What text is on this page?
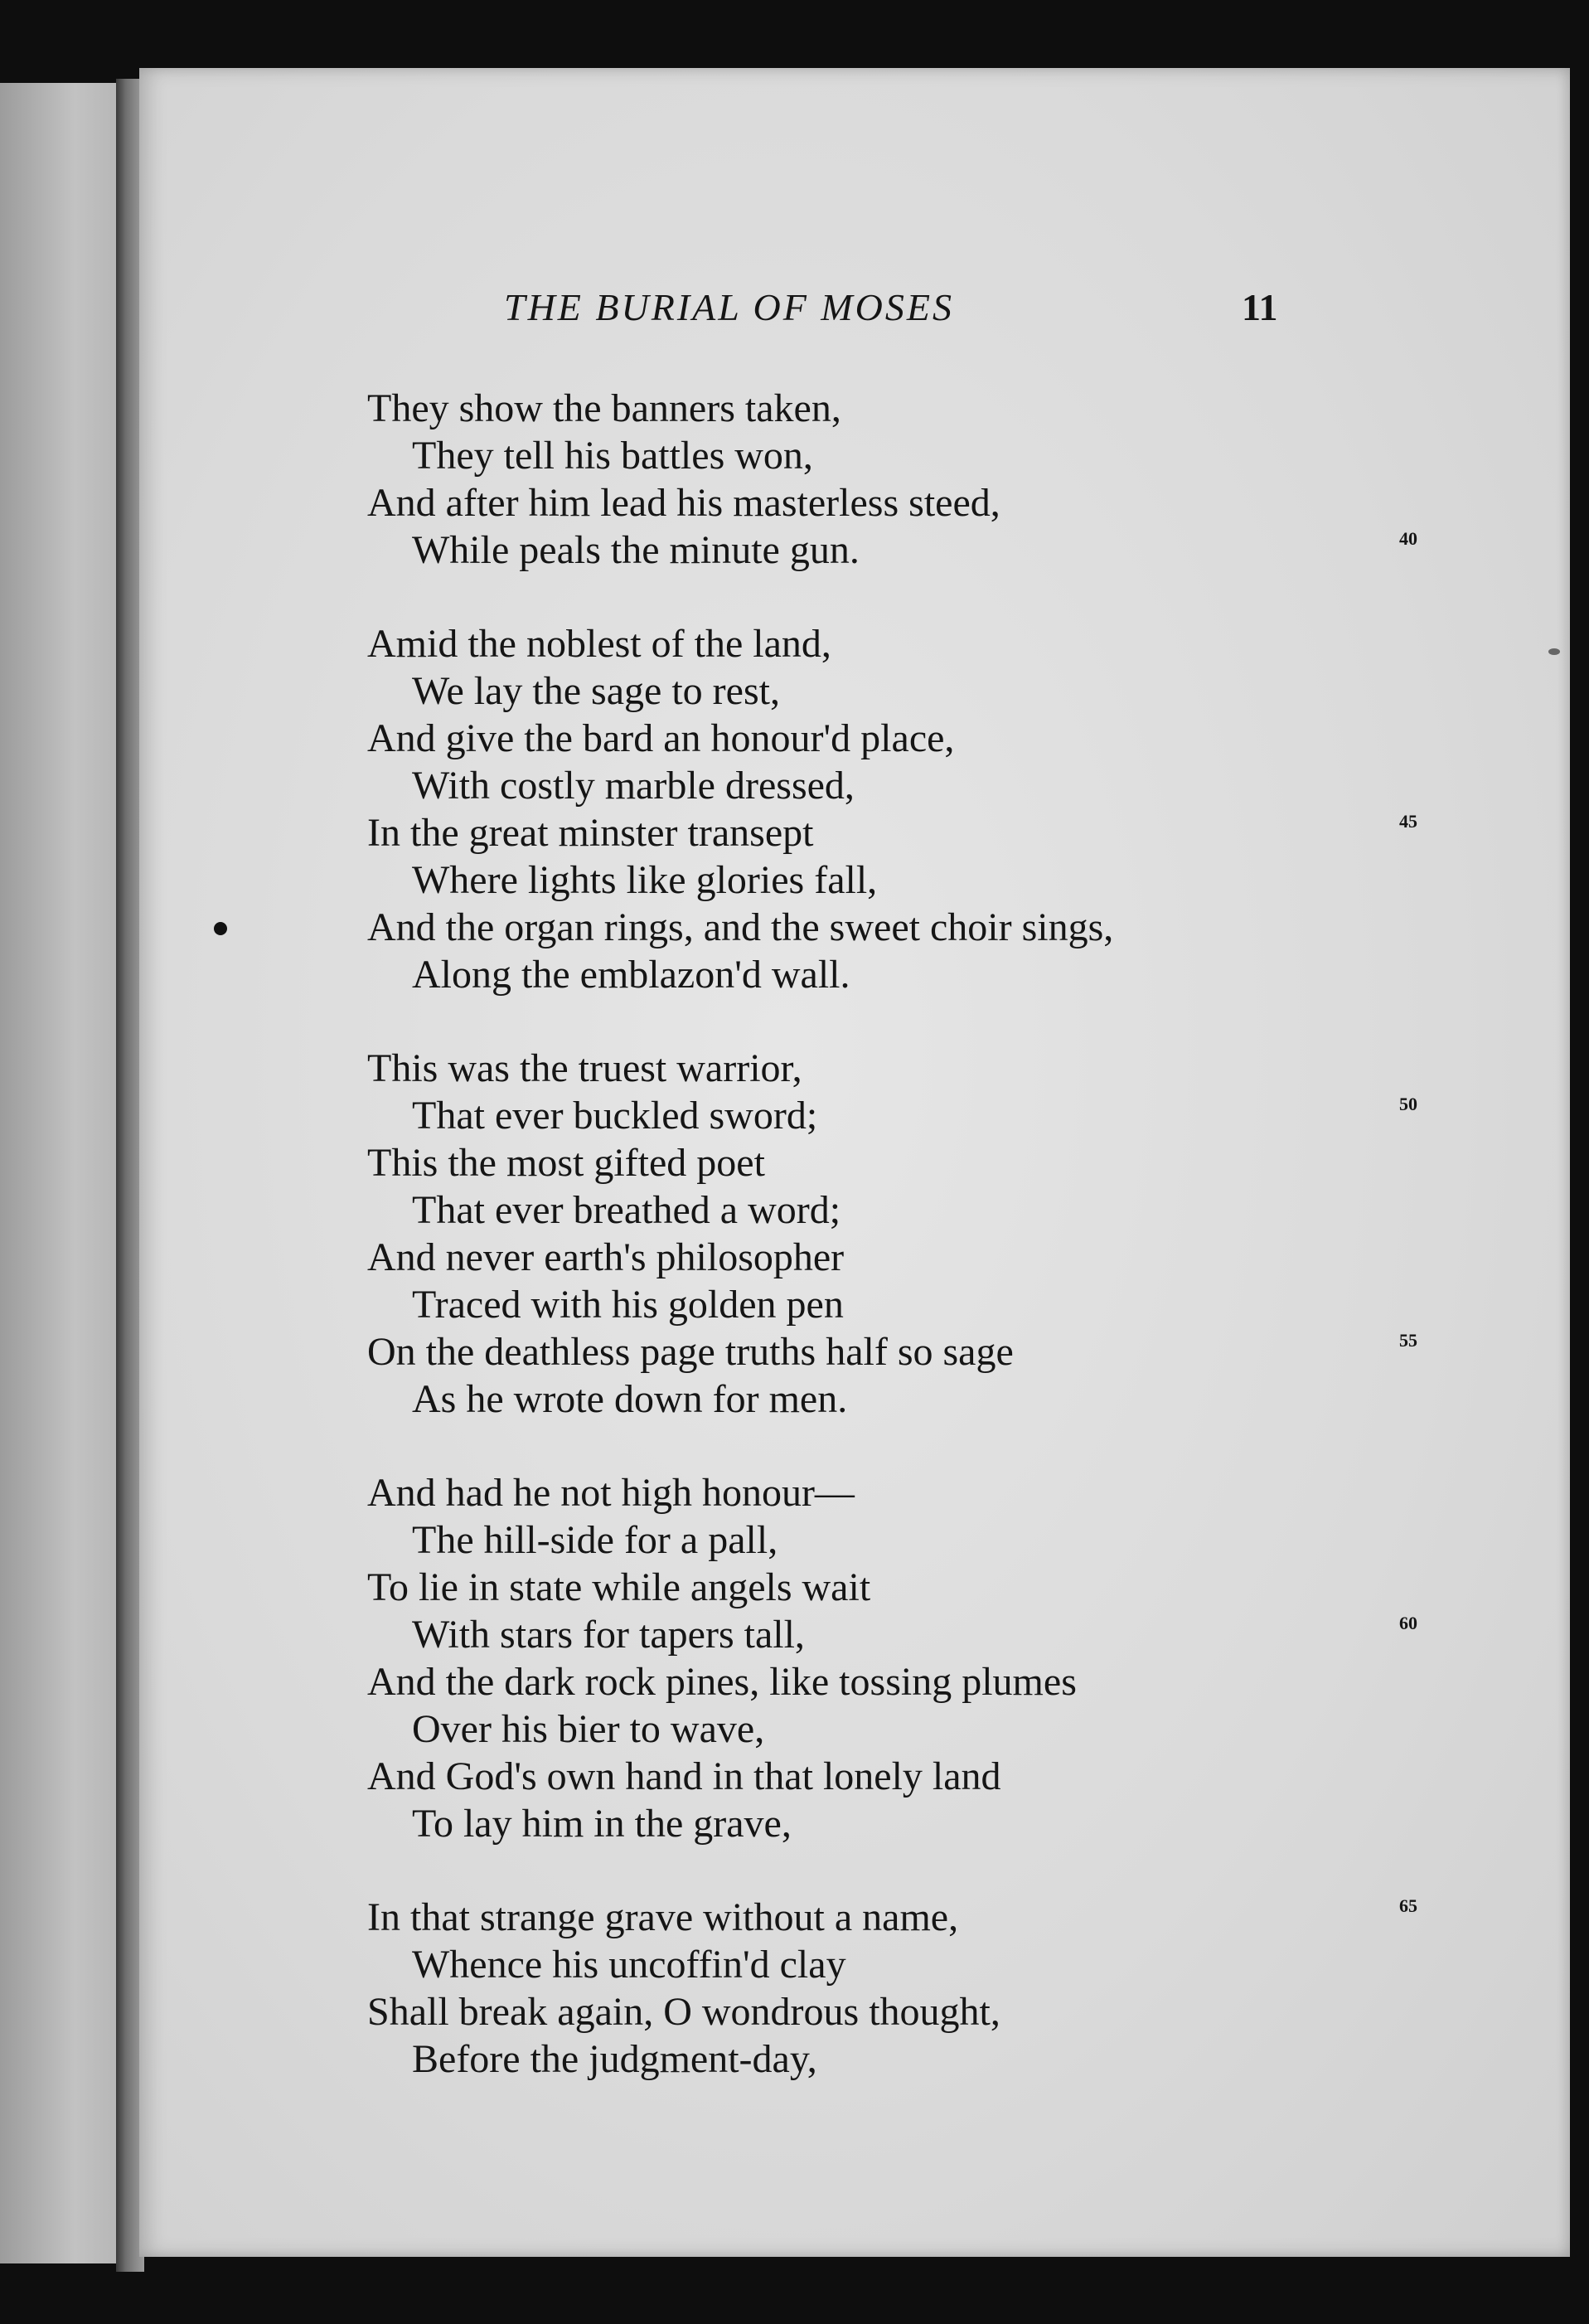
THE BURIAL OF MOSES	11
They show the banners taken,
They tell his battles won,
And after him lead his masterless steed,
While peals the minute gun.	40
Amid the noblest of the land,
We lay the sage to rest,
And give the bard an honour'd place,
With costly marble dressed,
In the great minster transept	45
Where lights like glories fall,
And the organ rings, and the sweet choir sings,
Along the emblazon'd wall.
This was the truest warrior,
That ever buckled sword;	50
This the most gifted poet
That ever breathed a word;
And never earth's philosopher
Traced with his golden pen
On the deathless page truths half so sage	55
As he wrote down for men.
And had he not high honour—
The hill-side for a pall,
To lie in state while angels wait
With stars for tapers tall,	60
And the dark rock pines, like tossing plumes
Over his bier to wave,
And God's own hand in that lonely land
To lay him in the grave,
In that strange grave without a name,	65
Whence his uncoffin'd clay
Shall break again, O wondrous thought,
Before the judgment-day,
